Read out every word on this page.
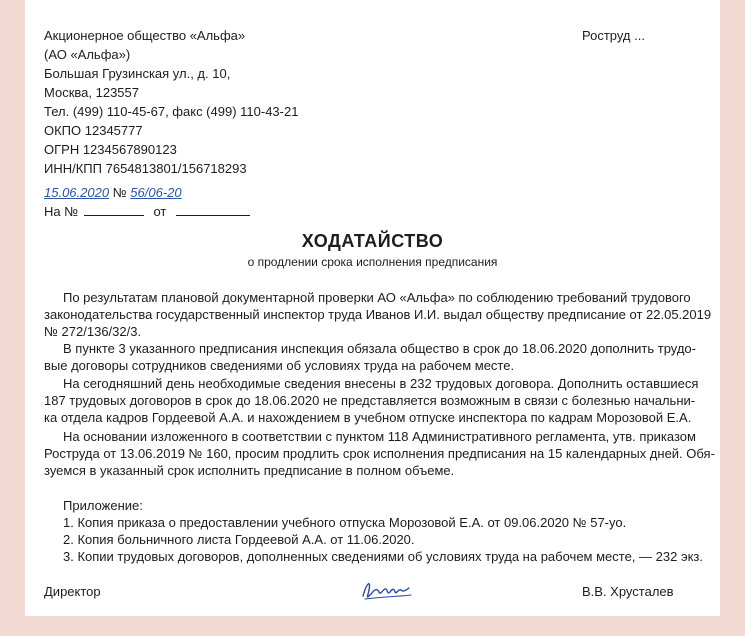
Акционерное общество «Альфа»
(АО «Альфа»)
Большая Грузинская ул., д. 10,
Москва, 123557
Тел. (499) 110-45-67, факс (499) 110-43-21
ОКПО 12345777
ОГРН 1234567890123
ИНН/КПП 7654813801/156718293
Роструд ...
15.06.2020 № 56/06-20
На №	от
ХОДАТАЙСТВО
о продлении срока исполнения предписания
По результатам плановой документарной проверки АО «Альфа» по соблюдению требований трудового
законодательства государственный инспектор труда Иванов И.И. выдал обществу предписание от 22.05.2019
№ 272/136/32/3.
В пункте 3 указанного предписания инспекция обязала общество в срок до 18.06.2020 дополнить трудо-
вые договоры сотрудников сведениями об условиях труда на рабочем месте.
На сегодняшний день необходимые сведения внесены в 232 трудовых договора. Дополнить оставшиеся
187 трудовых договоров в срок до 18.06.2020 не представляется возможным в связи с болезнью начальни-
ка отдела кадров Гордеевой А.А. и нахождением в учебном отпуске инспектора по кадрам Морозовой Е.А.
На основании изложенного в соответствии с пунктом 118 Административного регламента, утв. приказом
Роструда от 13.06.2019 № 160, просим продлить срок исполнения предписания на 15 календарных дней. Обя-
зуемся в указанный срок исполнить предписание в полном объеме.
Приложение:
1. Копия приказа о предоставлении учебного отпуска Морозовой Е.А. от 09.06.2020 № 57-уо.
2. Копия больничного листа Гордеевой А.А. от 11.06.2020.
3. Копии трудовых договоров, дополненных сведениями об условиях труда на рабочем месте, — 232 экз.
Директор	В.В. Хрусталев
